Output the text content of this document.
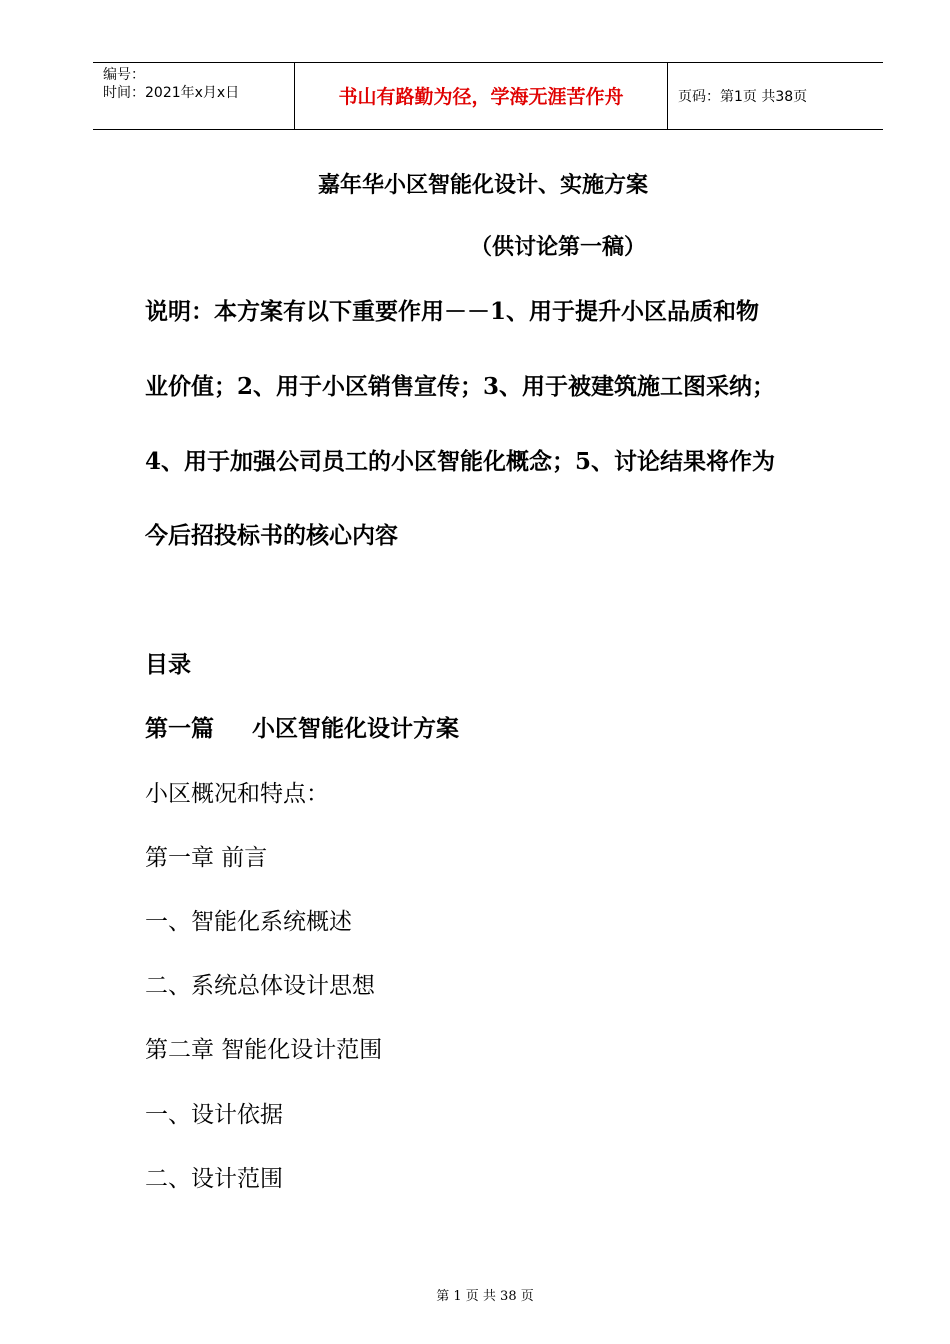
编号：
时间：2021年x月x日	书山有路勤为径，学海无涯苦作舟	页码：第1页 共38页
嘉年华小区智能化设计、实施方案
（供讨论第一稿）
说明：本方案有以下重要作用－－1、用于提升小区品质和物
业价值；2、用于小区销售宣传；3、用于被建筑施工图采纳；
4、用于加强公司员工的小区智能化概念；5、讨论结果将作为
今后招投标书的核心内容
目录
第一篇 小区智能化设计方案
小区概况和特点：
第一章 前言
一、智能化系统概述
二、系统总体设计思想
第二章 智能化设计范围
一、设计依据
二、设计范围
第 1 页 共 38 页
